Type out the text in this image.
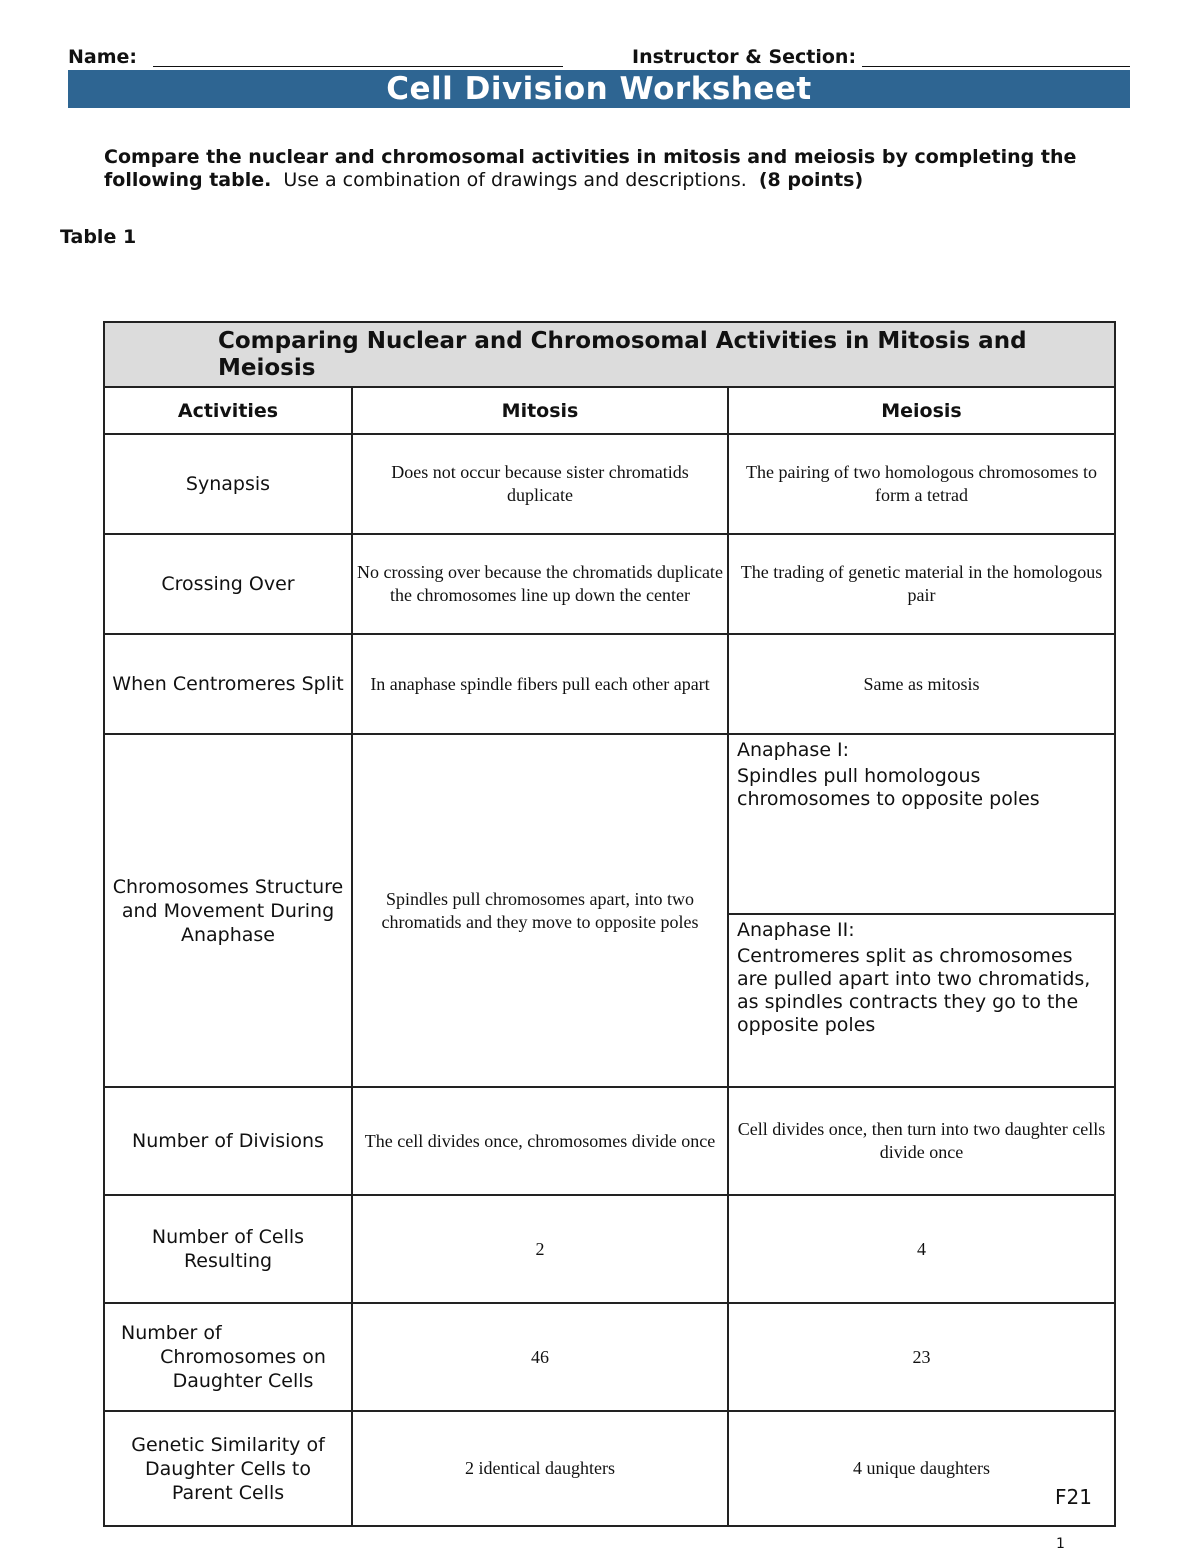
Name:	Instructor & Section:
Cell Division Worksheet
Compare the nuclear and chromosomal activities in mitosis and meiosis by completing the following table. Use a combination of drawings and descriptions. (8 points)
Table 1
Comparing Nuclear and Chromosomal Activities in Mitosis and Meiosis		
Activities	Mitosis	Meiosis
Synapsis	Does not occur because sister chromatids duplicate	The pairing of two homologous chromosomes to form a tetrad
Crossing Over	No crossing over because the chromatids duplicate the chromosomes line up down the center	The trading of genetic material in the homologous pair
When Centromeres Split	In anaphase spindle fibers pull each other apart	Same as mitosis
Chromosomes Structure and Movement During Anaphase	Spindles pull chromosomes apart, into two chromatids and they move to opposite poles	Anaphase I:
Spindles pull homologous chromosomes to opposite poles

		Anaphase II:
Centromeres split as chromosomes are pulled apart into two chromatids, as spindles contracts they go to the opposite poles

Number of Divisions	The cell divides once, chromosomes divide once	Cell divides once, then turn into two daughter cells divide once
Number of Cells Resulting	2	4

Number of
Chromosomes on Daughter Cells	46	23
Genetic Similarity of Daughter Cells to Parent Cells	2 identical daughters	4 unique daughters
F21
1
